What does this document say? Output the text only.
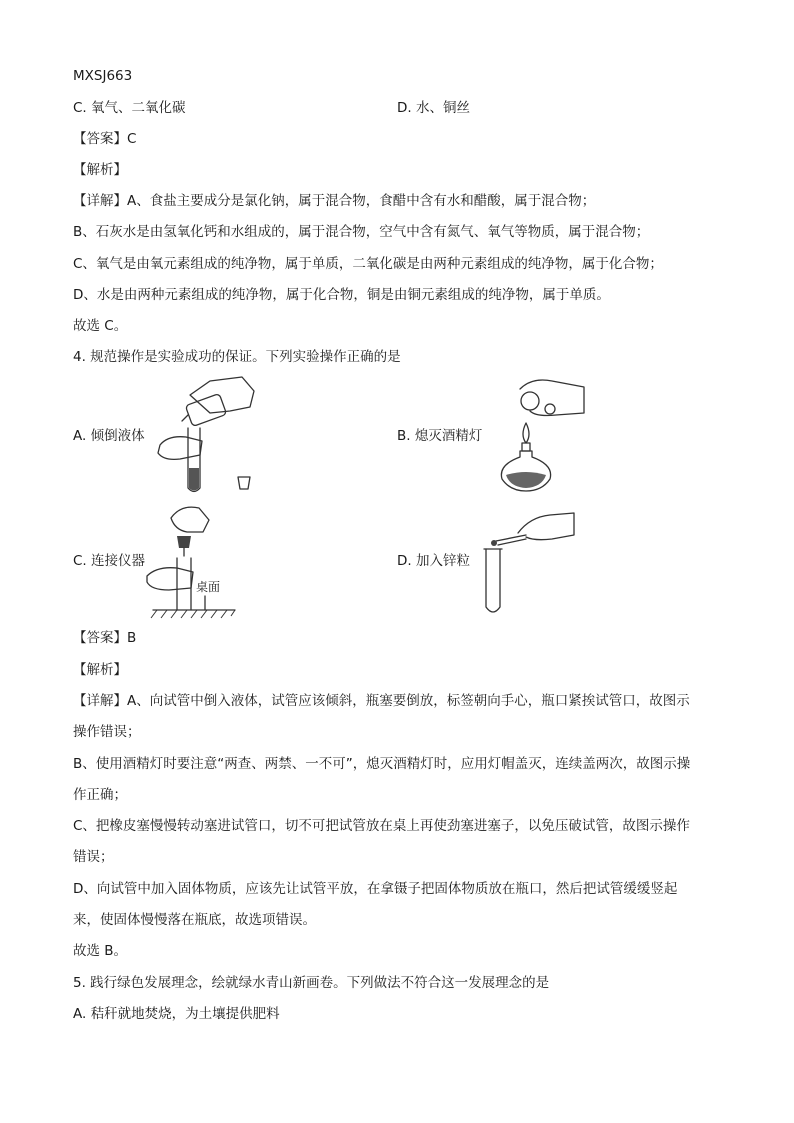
MXSJ663
C. 氧气、二氧化碳	D. 水、铜丝
【答案】C
【解析】
【详解】A、食盐主要成分是氯化钠，属于混合物，食醋中含有水和醋酸，属于混合物；
B、石灰水是由氢氧化钙和水组成的，属于混合物，空气中含有氮气、氧气等物质，属于混合物；
C、氧气是由氧元素组成的纯净物，属于单质，二氧化碳是由两种元素组成的纯净物，属于化合物；
D、水是由两种元素组成的纯净物，属于化合物，铜是由铜元素组成的纯净物，属于单质。
故选 C。
4. 规范操作是实验成功的保证。下列实验操作正确的是
A. 倾倒液体	B. 熄灭酒精灯
C. 连接仪器
桌面
D. 加入锌粒
【答案】B
【解析】
【详解】A、向试管中倒入液体，试管应该倾斜，瓶塞要倒放，标签朝向手心，瓶口紧挨试管口，故图示
操作错误；
B、使用酒精灯时要注意“两查、两禁、一不可”，熄灭酒精灯时，应用灯帽盖灭，连续盖两次，故图示操
作正确；
C、把橡皮塞慢慢转动塞进试管口，切不可把试管放在桌上再使劲塞进塞子，以免压破试管，故图示操作
错误；
D、向试管中加入固体物质，应该先让试管平放，在拿镊子把固体物质放在瓶口，然后把试管缓缓竖起
来，使固体慢慢落在瓶底，故选项错误。
故选 B。
5. 践行绿色发展理念，绘就绿水青山新画卷。下列做法不符合这一发展理念的是
A. 秸秆就地焚烧，为土壤提供肥料
